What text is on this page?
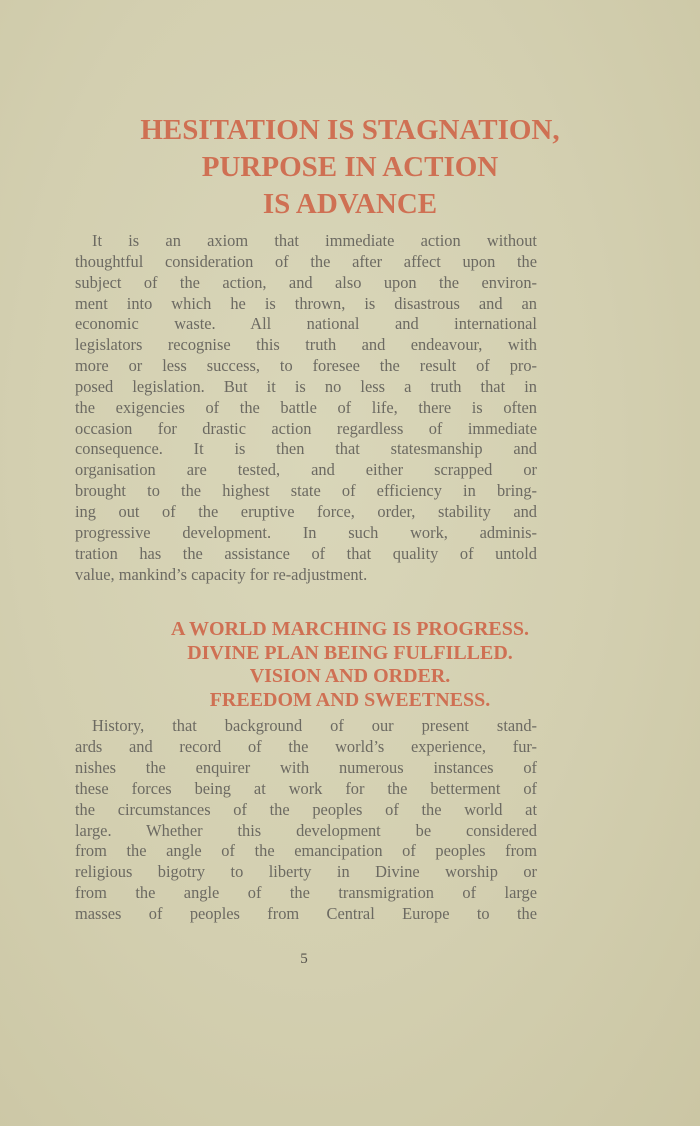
HESITATION IS STAGNATION,
PURPOSE IN ACTION
IS ADVANCE
It is an axiom that immediate action without
thoughtful consideration of the after affect upon the
subject of the action, and also upon the environ-
ment into which he is thrown, is disastrous and an
economic waste. All national and international
legislators recognise this truth and endeavour, with
more or less success, to foresee the result of pro-
posed legislation. But it is no less a truth that in
the exigencies of the battle of life, there is often
occasion for drastic action regardless of immediate
consequence. It is then that statesmanship and
organisation are tested, and either scrapped or
brought to the highest state of efficiency in bring-
ing out of the eruptive force, order, stability and
progressive development. In such work, adminis-
tration has the assistance of that quality of untold
value, mankind’s capacity for re-adjustment.
A WORLD MARCHING IS PROGRESS.
DIVINE PLAN BEING FULFILLED.
VISION AND ORDER.
FREEDOM AND SWEETNESS.
History, that background of our present stand-
ards and record of the world’s experience, fur-
nishes the enquirer with numerous instances of
these forces being at work for the betterment of
the circumstances of the peoples of the world at
large. Whether this development be considered
from the angle of the emancipation of peoples from
religious bigotry to liberty in Divine worship or
from the angle of the transmigration of large
masses of peoples from Central Europe to the

5
